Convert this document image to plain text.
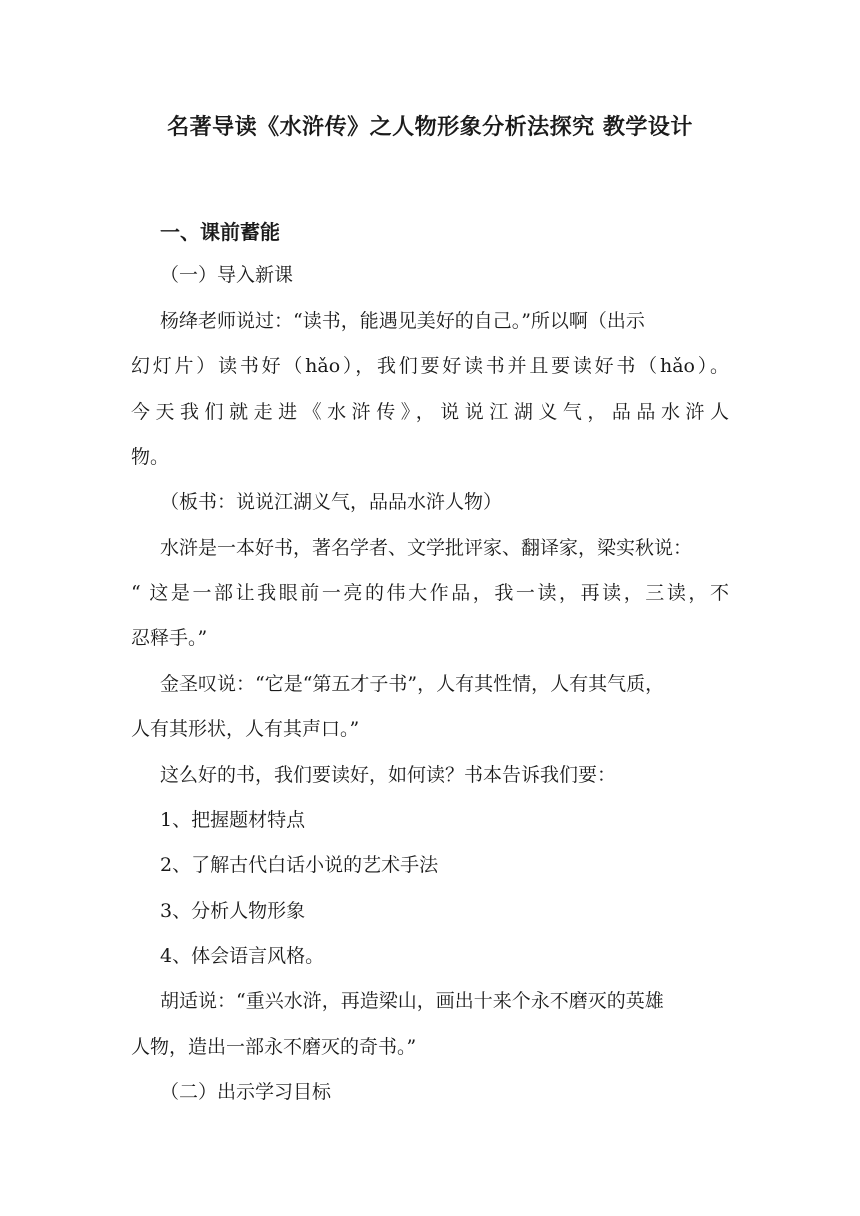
名著导读《水浒传》之人物形象分析法探究 教学设计
一、课前蓄能
（一）导入新课
杨绛老师说过：“读书，能遇见美好的自己。”所以啊（出示
幻灯片）读书好（hǎo），我们要好读书并且要读好书（hǎo）。
今天我们就走进《水浒传》，说说江湖义气，品品水浒人
物。
（板书：说说江湖义气，品品水浒人物）
水浒是一本好书，著名学者、文学批评家、翻译家，梁实秋说：
“ 这是一部让我眼前一亮的伟大作品，我一读，再读，三读，不
忍释手。”
金圣叹说：“它是“第五才子书”，人有其性情，人有其气质，
人有其形状，人有其声口。”
这么好的书，我们要读好，如何读？书本告诉我们要：
1、把握题材特点
2、了解古代白话小说的艺术手法
3、分析人物形象
4、体会语言风格。
胡适说：“重兴水浒，再造梁山，画出十来个永不磨灭的英雄
人物，造出一部永不磨灭的奇书。”
（二）出示学习目标
